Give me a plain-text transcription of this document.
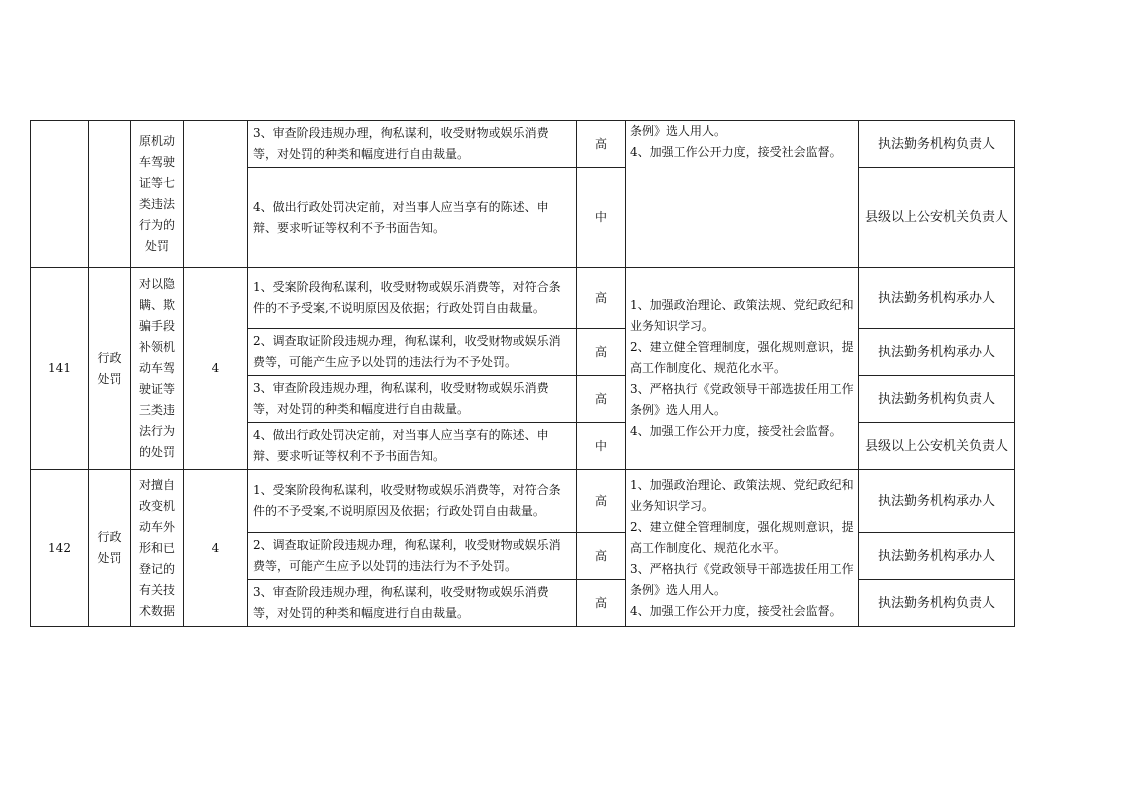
		原机动车驾驶证等七类违法行为的处罚		3、审查阶段违规办理，徇私谋利，收受财物或娱乐消费等，对处罚的种类和幅度进行自由裁量。	高	条例》选人用人。
4、加强工作公开力度，接受社会监督。	执法勤务机构负责人
				4、做出行政处罚决定前，对当事人应当享有的陈述、申辩、要求听证等权利不予书面告知。	中		县级以上公安机关负责人
141	行政处罚	对以隐瞒、欺骗手段补领机动车驾驶证等三类违法行为的处罚	4	1、受案阶段徇私谋利，收受财物或娱乐消费等，对符合条件的不予受案,不说明原因及依据；行政处罚自由裁量。	高	1、加强政治理论、政策法规、党纪政纪和业务知识学习。
2、建立健全管理制度，强化规则意识，提高工作制度化、规范化水平。
3、严格执行《党政领导干部选拔任用工作条例》选人用人。
4、加强工作公开力度，接受社会监督。	执法勤务机构承办人
				2、调查取证阶段违规办理，徇私谋利，收受财物或娱乐消费等，可能产生应予以处罚的违法行为不予处罚。	高		执法勤务机构承办人
				3、审查阶段违规办理，徇私谋利，收受财物或娱乐消费等，对处罚的种类和幅度进行自由裁量。	高		执法勤务机构负责人
				4、做出行政处罚决定前，对当事人应当享有的陈述、申辩、要求听证等权利不予书面告知。	中		县级以上公安机关负责人
142	行政处罚	对擅自改变机动车外形和已登记的有关技术数据	4	1、受案阶段徇私谋利，收受财物或娱乐消费等，对符合条件的不予受案,不说明原因及依据；行政处罚自由裁量。	高	1、加强政治理论、政策法规、党纪政纪和业务知识学习。
2、建立健全管理制度，强化规则意识，提高工作制度化、规范化水平。
3、严格执行《党政领导干部选拔任用工作条例》选人用人。
4、加强工作公开力度，接受社会监督。	执法勤务机构承办人
				2、调查取证阶段违规办理，徇私谋利，收受财物或娱乐消费等，可能产生应予以处罚的违法行为不予处罚。	高		执法勤务机构承办人
				3、审查阶段违规办理，徇私谋利，收受财物或娱乐消费等，对处罚的种类和幅度进行自由裁量。	高		执法勤务机构负责人
